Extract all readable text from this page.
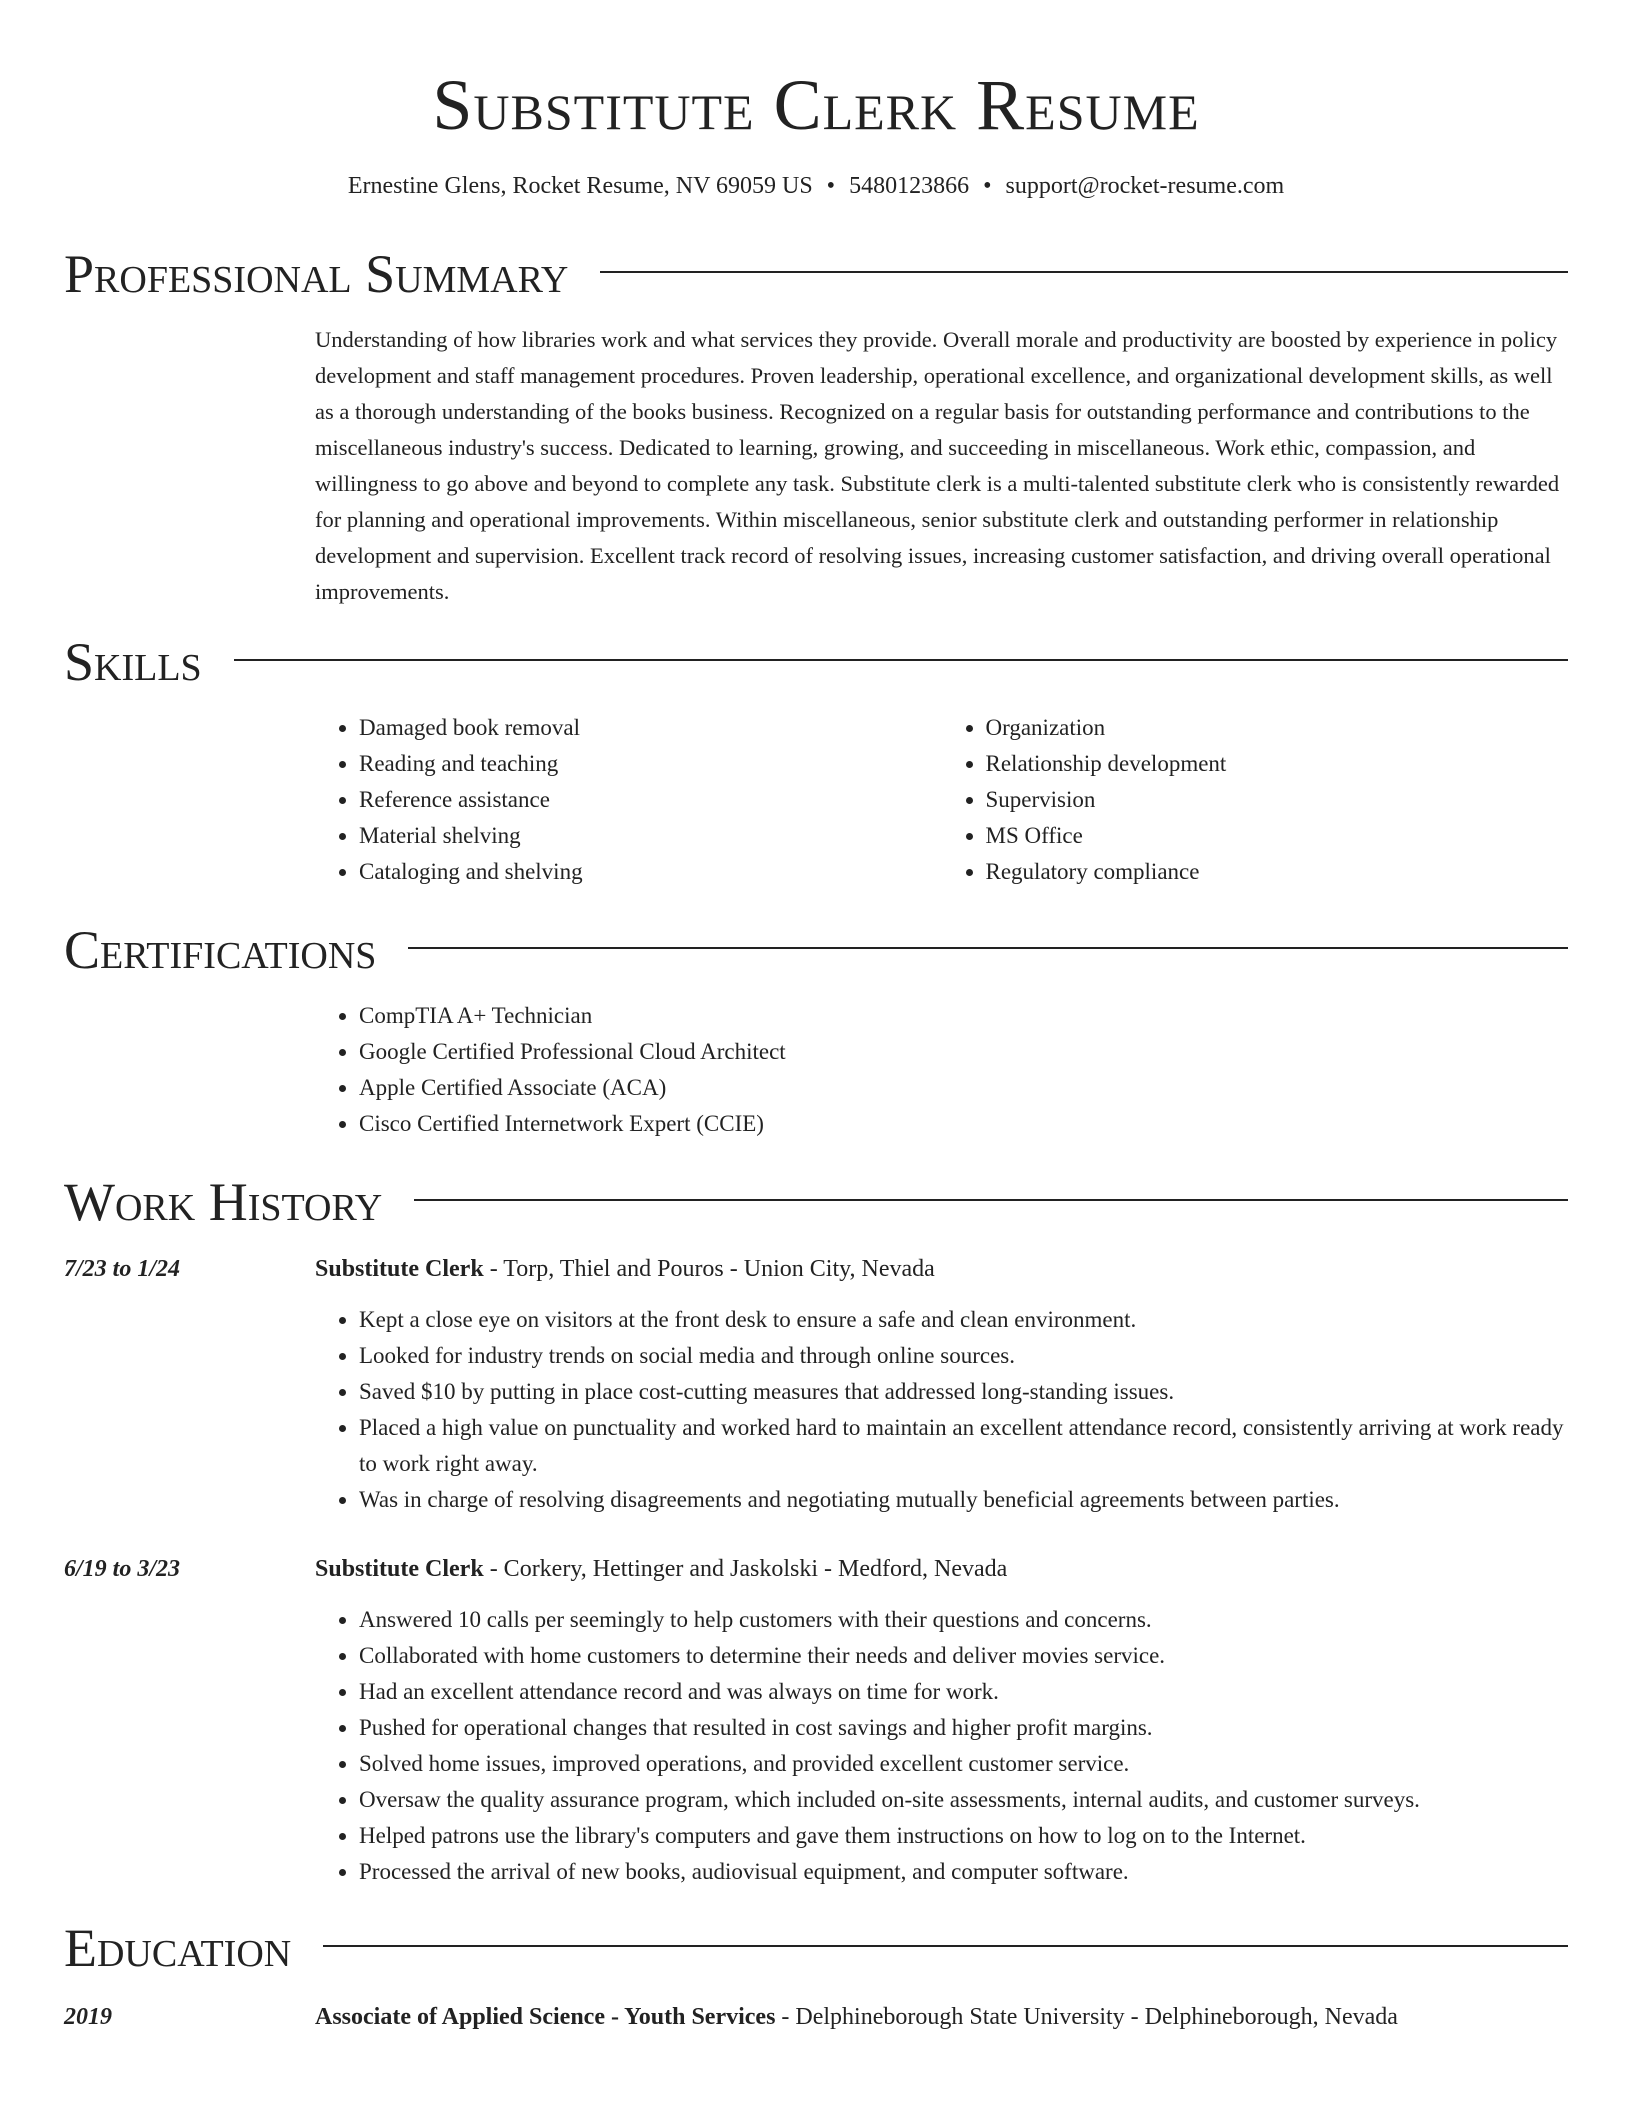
Substitute Clerk Resume
Ernestine Glens, Rocket Resume, NV 69059 US • 5480123866 • support@rocket-resume.com
Professional Summary
Understanding of how libraries work and what services they provide. Overall morale and productivity are boosted by experience in policy development and staff management procedures. Proven leadership, operational excellence, and organizational development skills, as well as a thorough understanding of the books business. Recognized on a regular basis for outstanding performance and contributions to the miscellaneous industry's success. Dedicated to learning, growing, and succeeding in miscellaneous. Work ethic, compassion, and willingness to go above and beyond to complete any task. Substitute clerk is a multi-talented substitute clerk who is consistently rewarded for planning and operational improvements. Within miscellaneous, senior substitute clerk and outstanding performer in relationship development and supervision. Excellent track record of resolving issues, increasing customer satisfaction, and driving overall operational improvements.
Skills
• Damaged book removal
• Reading and teaching
• Reference assistance
• Material shelving
• Cataloging and shelving
• Organization
• Relationship development
• Supervision
• MS Office
• Regulatory compliance
Certifications
• CompTIA A+ Technician
• Google Certified Professional Cloud Architect
• Apple Certified Associate (ACA)
• Cisco Certified Internetwork Expert (CCIE)
Work History
7/23 to 1/24	Substitute Clerk - Torp, Thiel and Pouros - Union City, Nevada
• Kept a close eye on visitors at the front desk to ensure a safe and clean environment.
• Looked for industry trends on social media and through online sources.
• Saved $10 by putting in place cost-cutting measures that addressed long-standing issues.
• Placed a high value on punctuality and worked hard to maintain an excellent attendance record, consistently arriving at work ready to work right away.
• Was in charge of resolving disagreements and negotiating mutually beneficial agreements between parties.
6/19 to 3/23	Substitute Clerk - Corkery, Hettinger and Jaskolski - Medford, Nevada
• Answered 10 calls per seemingly to help customers with their questions and concerns.
• Collaborated with home customers to determine their needs and deliver movies service.
• Had an excellent attendance record and was always on time for work.
• Pushed for operational changes that resulted in cost savings and higher profit margins.
• Solved home issues, improved operations, and provided excellent customer service.
• Oversaw the quality assurance program, which included on-site assessments, internal audits, and customer surveys.
• Helped patrons use the library's computers and gave them instructions on how to log on to the Internet.
• Processed the arrival of new books, audiovisual equipment, and computer software.
Education
2019	Associate of Applied Science - Youth Services - Delphineborough State University - Delphineborough, Nevada
